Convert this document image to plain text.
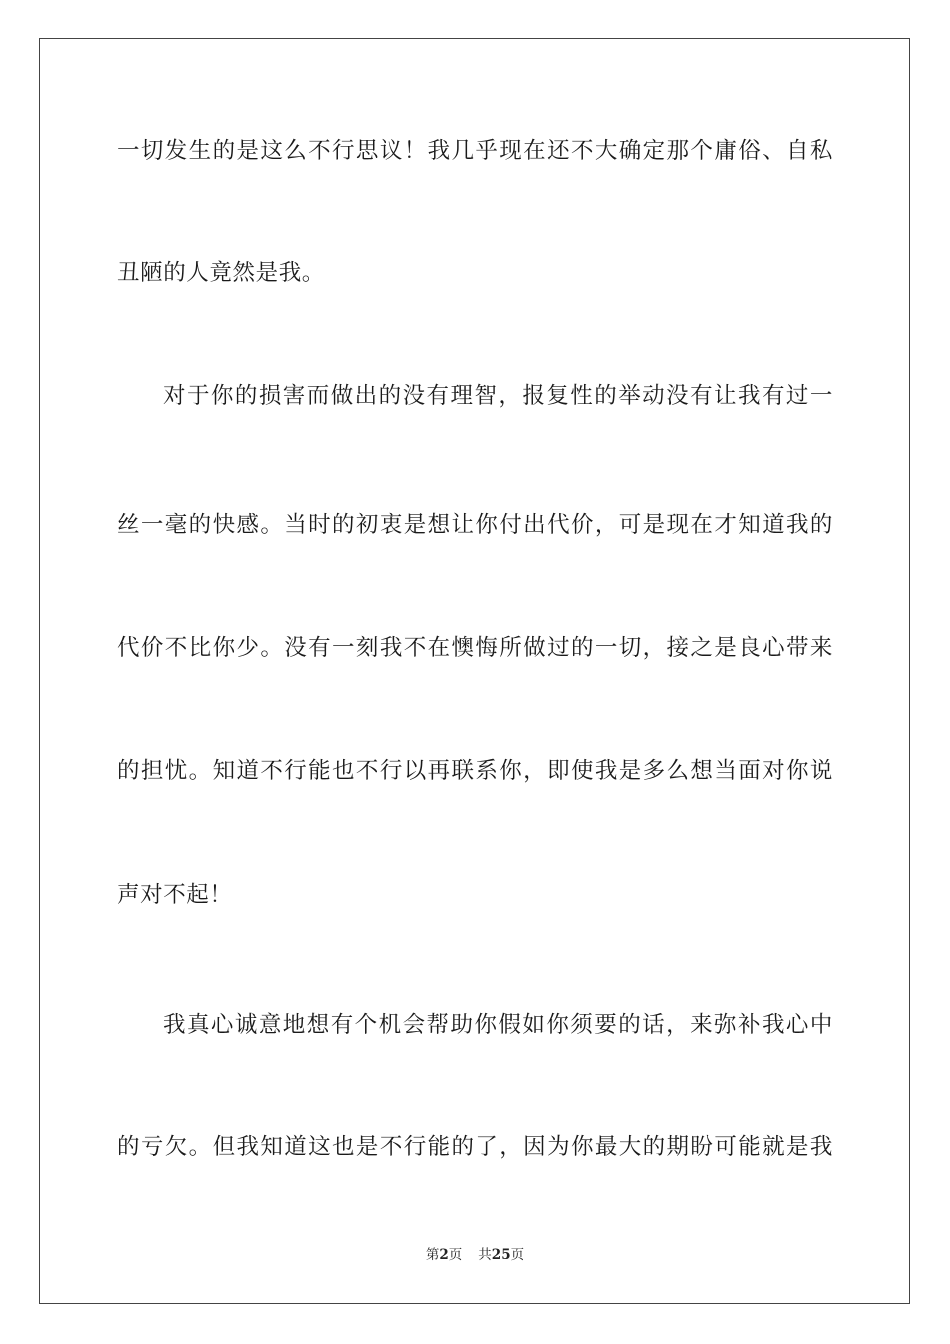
一切发生的是这么不行思议！我几乎现在还不大确定那个庸俗、自私
丑陋的人竟然是我。
对于你的损害而做出的没有理智，报复性的举动没有让我有过一
丝一毫的快感。当时的初衷是想让你付出代价，可是现在才知道我的
代价不比你少。没有一刻我不在懊悔所做过的一切，接之是良心带来
的担忧。知道不行能也不行以再联系你，即使我是多么想当面对你说
声对不起！
我真心诚意地想有个机会帮助你假如你须要的话，来弥补我心中
的亏欠。但我知道这也是不行能的了，因为你最大的期盼可能就是我
第2页 共25页
